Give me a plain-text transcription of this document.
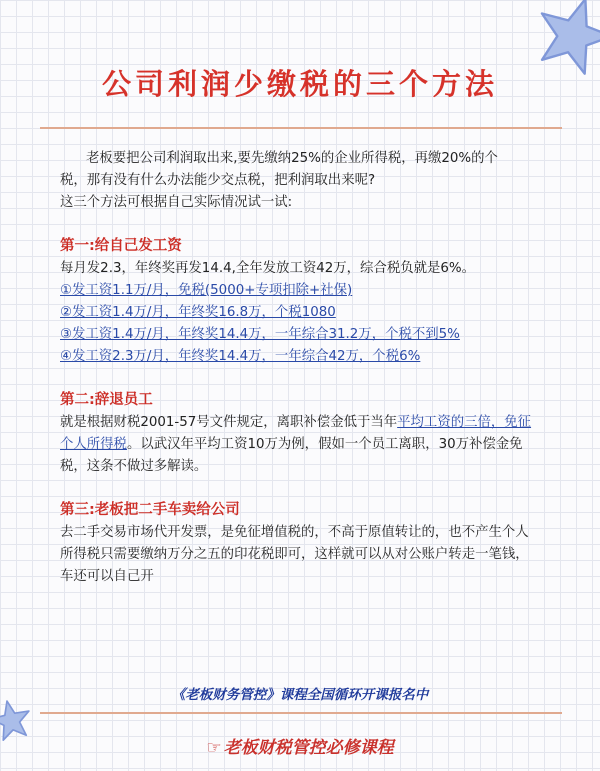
公司利润少缴税的三个方法

老板要把公司利润取出来,要先缴纳25%的企业所得税，再缴20%的个

税，那有没有什么办法能少交点税，把利润取出来呢?

这三个方法可根据自己实际情况试一试:

第一:给自己发工资

每月发2.3，年终奖再发14.4,全年发放工资42万，综合税负就是6%。

①发工资1.1万/月，免税(5000+专项扣除+社保)

②发工资1.4万/月，年终奖16.8万，个税1080

③发工资1.4万/月，年终奖14.4万，一年综合31.2万，个税不到5%

④发工资2.3万/月，年终奖14.4万，一年综合42万，个税6%

第二:辞退员工

就是根据财税2001-57号文件规定，离职补偿金低于当年平均工资的三倍，免征个人所得税。以武汉年平均工资10万为例，假如一个员工离职，30万补偿金免税，这条不做过多解读。

第三:老板把二手车卖给公司

去二手交易市场代开发票，是免征增值税的，不高于原值转让的，也不产生个人所得税只需要缴纳万分之五的印花税即可，这样就可以从对公账户转走一笔钱，车还可以自己开

《老板财务管控》课程全国循环开课报名中
☞ 老板财税管控必修课程
